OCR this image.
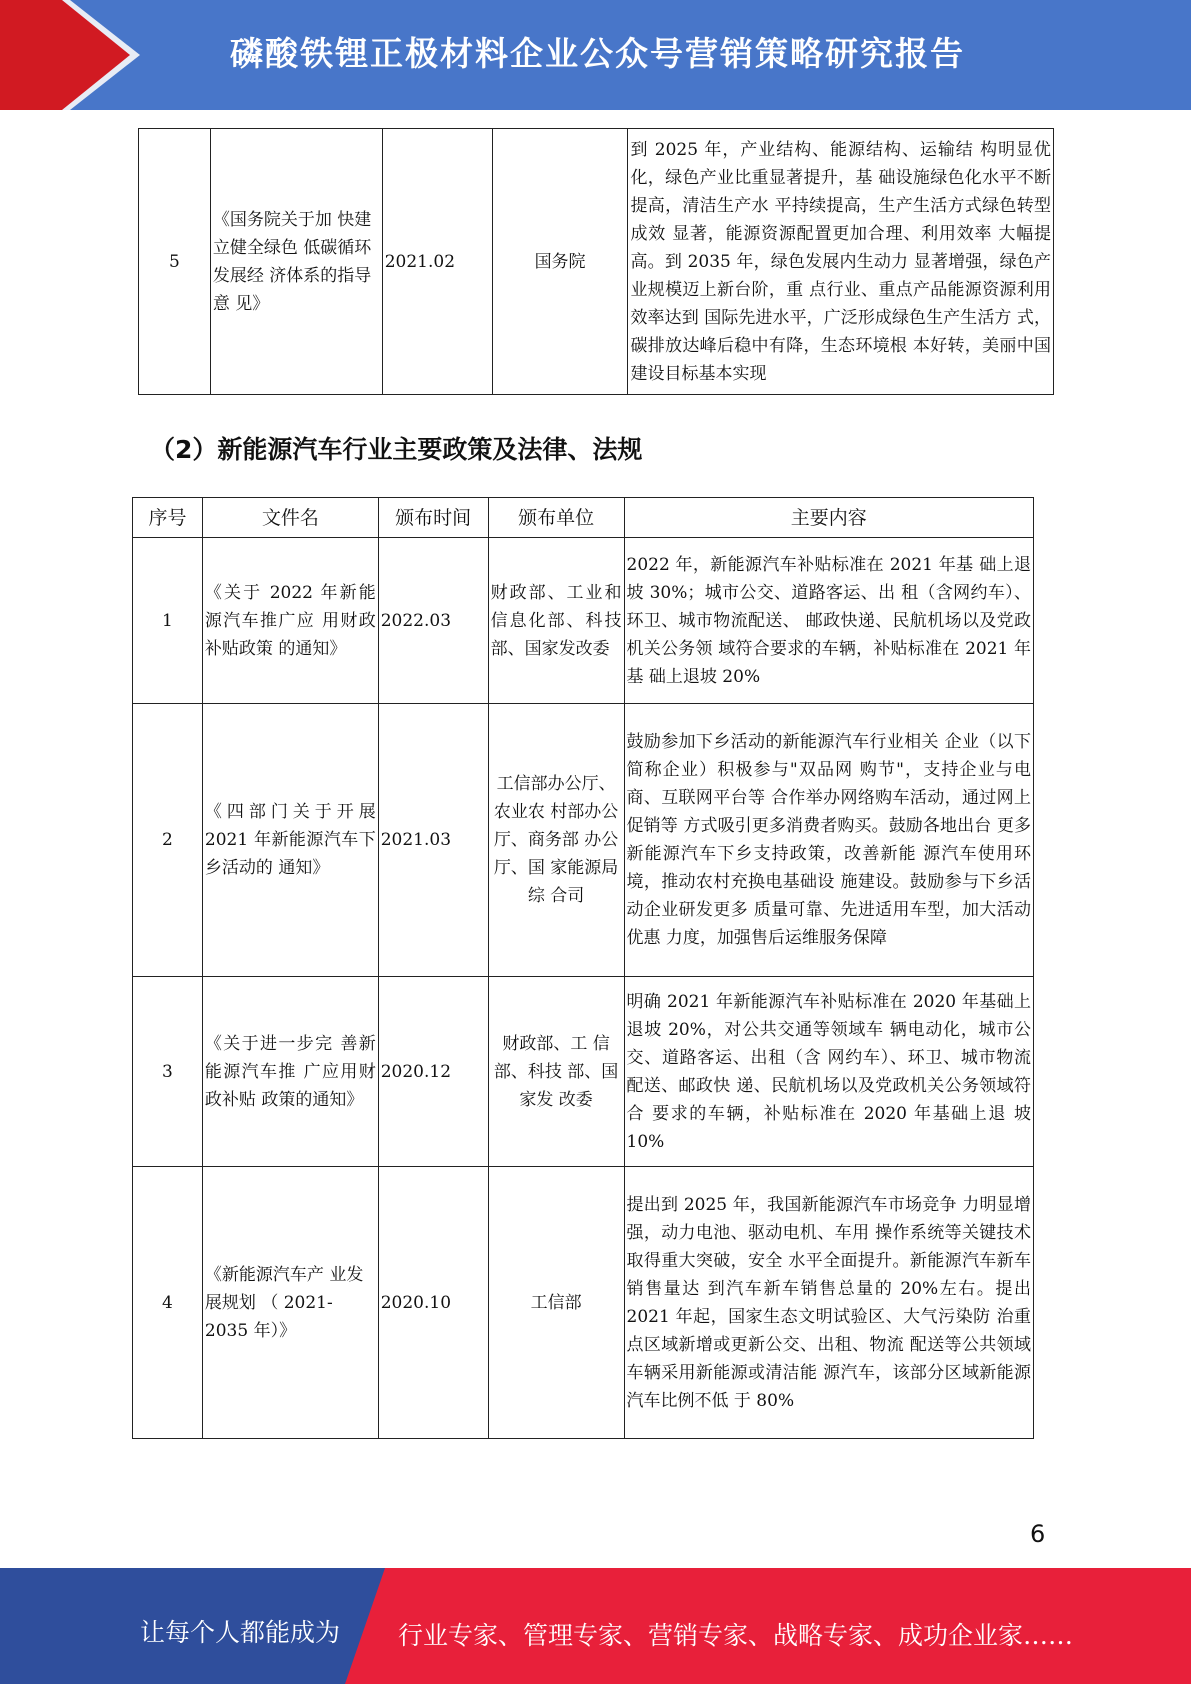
磷酸铁锂正极材料企业公众号营销策略研究报告
5	《国务院关于加 快建立健全绿色 低碳循环发展经 济体系的指导意 见》	2021.02	国务院	到 2025 年，产业结构、能源结构、运输结 构明显优化，绿色产业比重显著提升，基 础设施绿色化水平不断提高，清洁生产水 平持续提高，生产生活方式绿色转型成效 显著，能源资源配置更加合理、利用效率 大幅提高。到 2035 年，绿色发展内生动力 显著增强，绿色产业规模迈上新台阶，重 点行业、重点产品能源资源利用效率达到 国际先进水平，广泛形成绿色生产生活方 式，碳排放达峰后稳中有降，生态环境根 本好转，美丽中国建设目标基本实现
（2）新能源汽车行业主要政策及法律、法规
序号	文件名	颁布时间	颁布单位	主要内容
1	《关于 2022 年新能源汽车推广应 用财政补贴政策 的通知》	2022.03	财政部、工业和信息化部、科技部、国家发改委	2022 年，新能源汽车补贴标准在 2021 年基 础上退坡 30%；城市公交、道路客运、出 租（含网约车）、环卫、城市物流配送、 邮政快递、民航机场以及党政机关公务领 域符合要求的车辆，补贴标准在 2021 年基 础上退坡 20%
2	《四部门关于开展 2021 年新能源汽车下乡活动的 通知》	2021.03	工信部办公厅、农业农 村部办公厅、商务部 办公厅、国 家能源局综 合司	鼓励参加下乡活动的新能源汽车行业相关 企业（以下简称企业）积极参与"双品网 购节"，支持企业与电商、互联网平台等 合作举办网络购车活动，通过网上促销等 方式吸引更多消费者购买。鼓励各地出台 更多新能源汽车下乡支持政策，改善新能 源汽车使用环境，推动农村充换电基础设 施建设。鼓励参与下乡活动企业研发更多 质量可靠、先进适用车型，加大活动优惠 力度，加强售后运维服务保障
3	《关于进一步完 善新能源汽车推 广应用财政补贴 政策的通知》	2020.12	财政部、工 信部、科技 部、国家发 改委	明确 2021 年新能源汽车补贴标准在 2020 年基础上退坡 20%，对公共交通等领域车 辆电动化，城市公交、道路客运、出租（含 网约车）、环卫、城市物流配送、邮政快 递、民航机场以及党政机关公务领域符合 要求的车辆，补贴标准在 2020 年基础上退 坡 10%
4	《新能源汽车产 业发展规划 （ 2021-2035 年）》	2020.10	工信部	提出到 2025 年，我国新能源汽车市场竞争 力明显增强，动力电池、驱动电机、车用 操作系统等关键技术取得重大突破，安全 水平全面提升。新能源汽车新车销售量达 到汽车新车销售总量的 20%左右。提出 2021 年起，国家生态文明试验区、大气污染防 治重点区域新增或更新公交、出租、物流 配送等公共领域车辆采用新能源或清洁能 源汽车，该部分区域新能源汽车比例不低 于 80%
6
让每个人都能成为 行业专家、管理专家、营销专家、战略专家、成功企业家……
